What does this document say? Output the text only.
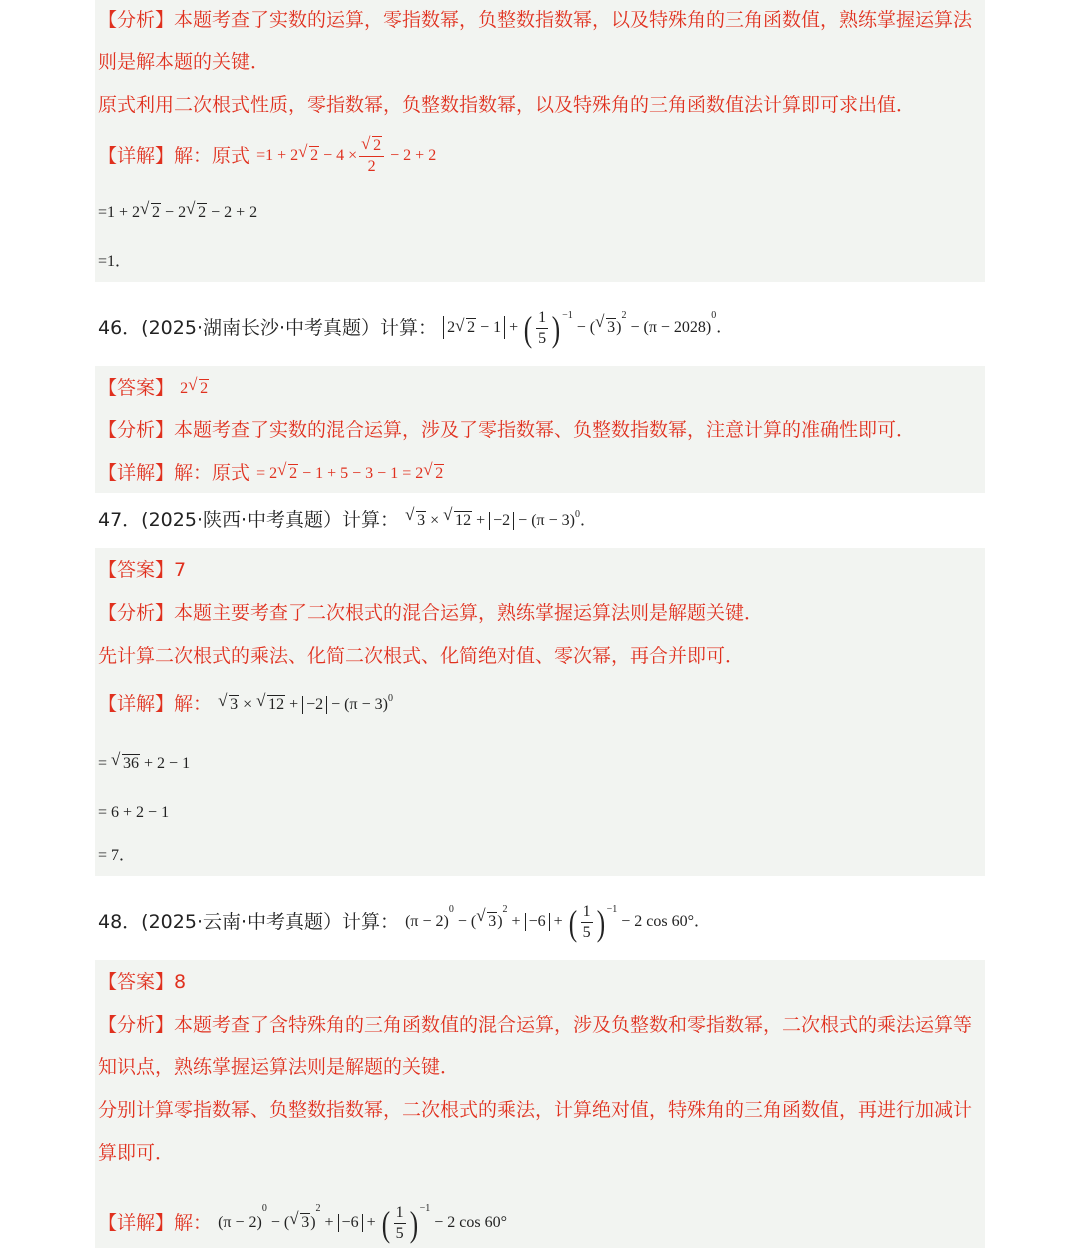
【分析】本题考查了实数的运算，零指数幂，负整数指数幂，以及特殊角的三角函数值，熟练掌握运算法
则是解本题的关键．
原式利用二次根式性质，零指数幂，负整数指数幂，以及特殊角的三角函数值法计算即可求出值．
【详解】解：原式 =1 + 2 √ 2 − 4 × √ $\frac{2}{2} - 2 + 2$
=1 + 2 √ 2 − 2 √ 2 − 2 + 2
=1．
46．(2025·湖南长沙·中考真题）计算： 2 √ 2 − 1 + ( $\frac{1}{5}$ ) $^{-1}$ − ( √ $3)^2 - (\pi - 2028)^0$．
【答案】 2 √ 2
【分析】本题考查了实数的混合运算，涉及了零指数幂、负整数指数幂，注意计算的准确性即可．
【详解】解：原式 = 2 √ 2 − 1 + 5 − 3 − 1 = 2 √ 2
47．(2025·陕西·中考真题）计算： √ 3 × √ $12 + -2 - (\pi - 3)^0$．
【答案】7
【分析】本题主要考查了二次根式的混合运算，熟练掌握运算法则是解题关键．
先计算二次根式的乘法、化简二次根式、化简绝对值、零次幂，再合并即可．
【详解】解： √ 3 × √ $12 + -2 - (\pi - 3)^0$
= √ 36 + 2 − 1
= 6 + 2 − 1
= 7．
48．(2025·云南·中考真题）计算： $(\pi - 2)^0$ − ( √ 3)$^2$ + −6 + ( $\frac{1}{5}$ ) $^{-1}$ − 2 cos 60°．
【答案】8
【分析】本题考查了含特殊角的三角函数值的混合运算，涉及负整数和零指数幂，二次根式的乘法运算等
知识点，熟练掌握运算法则是解题的关键．
分别计算零指数幂、负整数指数幂，二次根式的乘法，计算绝对值，特殊角的三角函数值，再进行加减计
算即可．
【详解】解： $(\pi - 2)^0$ − ( √ 3)$^2$ + −6 + ( $\frac{1}{5}$ ) $^{-1}$ − 2 cos 60°
